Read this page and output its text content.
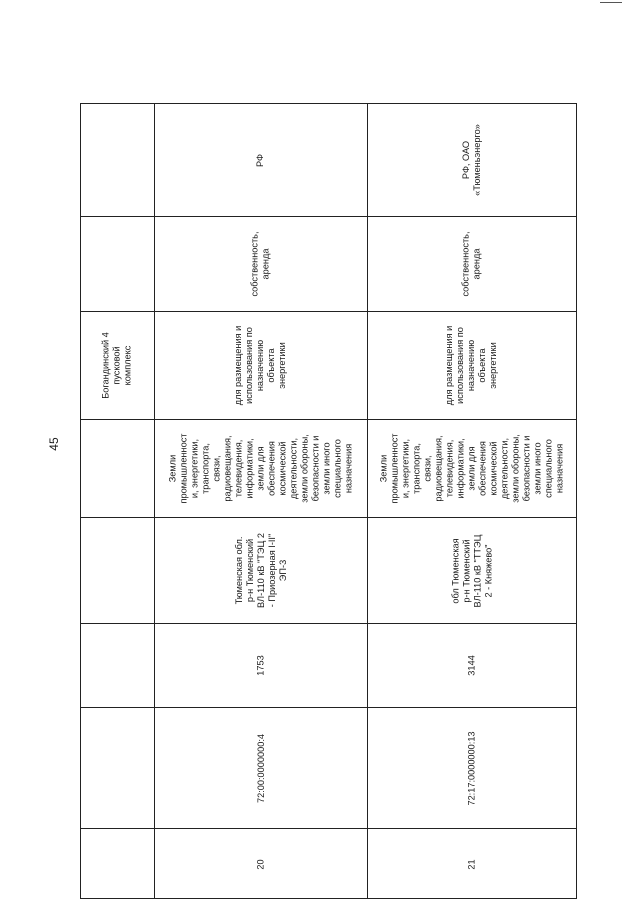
45
Богандинский 4
пусковой комплекс
20
72:00:0000000:4
1753
Тюменская обл.
р-н Тюменский
ВЛ-110 кВ "ТЭЦ 2
- Приозерная I-II"
ЭП-3
Земли
промышленност
и, энергетики,
транспорта,
связи,
радиовещания,
телевидения,
информатики,
земли для
обеспечения
космической
деятельности,
земли обороны,
безопасности и
земли иного
специального
назначения
для размещения и
использования по
назначению
объекта
энергетики
собственность,
аренда
РФ
21
72:17:0000000:13
3144
обл Тюменская
р-н Тюменский
ВЛ-110 кВ "ТТЭЦ
2 - Княжево"
Земли
промышленност
и, энергетики,
транспорта,
связи,
радиовещания,
телевидения,
информатики,
земли для
обеспечения
космической
деятельности,
земли обороны,
безопасности и
земли иного
специального
назначения
для размещения и
использования по
назначению
объекта
энергетики
собственность,
аренда
РФ, ОАО
«Тюменьэнерго»
